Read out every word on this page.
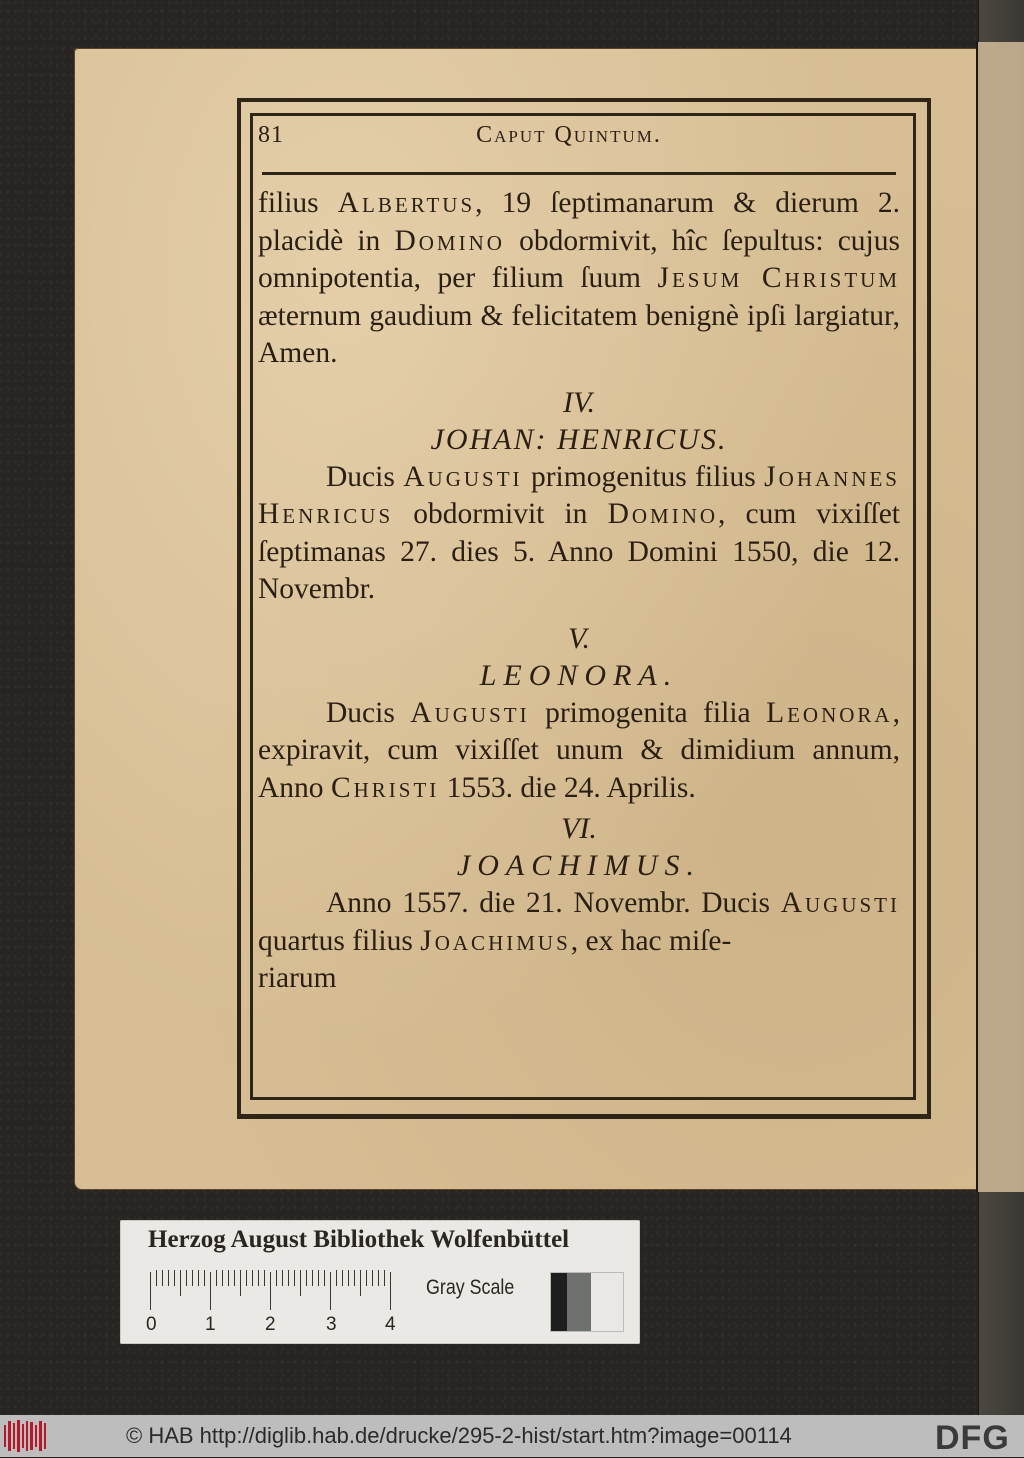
81	Caput Quintum.

filius Albertus, 19 ſeptimanarum & dierum 2. placidè in Domino obdormivit, hîc ſepultus: cujus omnipotentia, per filium ſuum Jesum Christum æternum gaudium & felicitatem benignè ipſi largiatur, Amen.

IV.
JOHAN: HENRICUS.

Ducis Augusti primogenitus filius Johannes Henricus obdormivit in Domino, cum vixiſſet ſeptimanas 27. dies 5. Anno Domini 1550, die 12. Novembr.

V.
LEONORA.

Ducis Augusti primogenita filia Leonora, expiravit, cum vixiſſet unum & dimidium annum, Anno Christi 1553. die 24. Aprilis.

VI.
JOACHIMUS.

Anno 1557. die 21. Novembr. Ducis Augusti quartus filius Joachimus, ex hac miſe-

riarum

Herzog August Bibliothek Wolfenbüttel
0	1	2	3	4
Gray Scale
© HAB http://diglib.hab.de/drucke/295-2-hist/start.htm?image=00114	DFG
